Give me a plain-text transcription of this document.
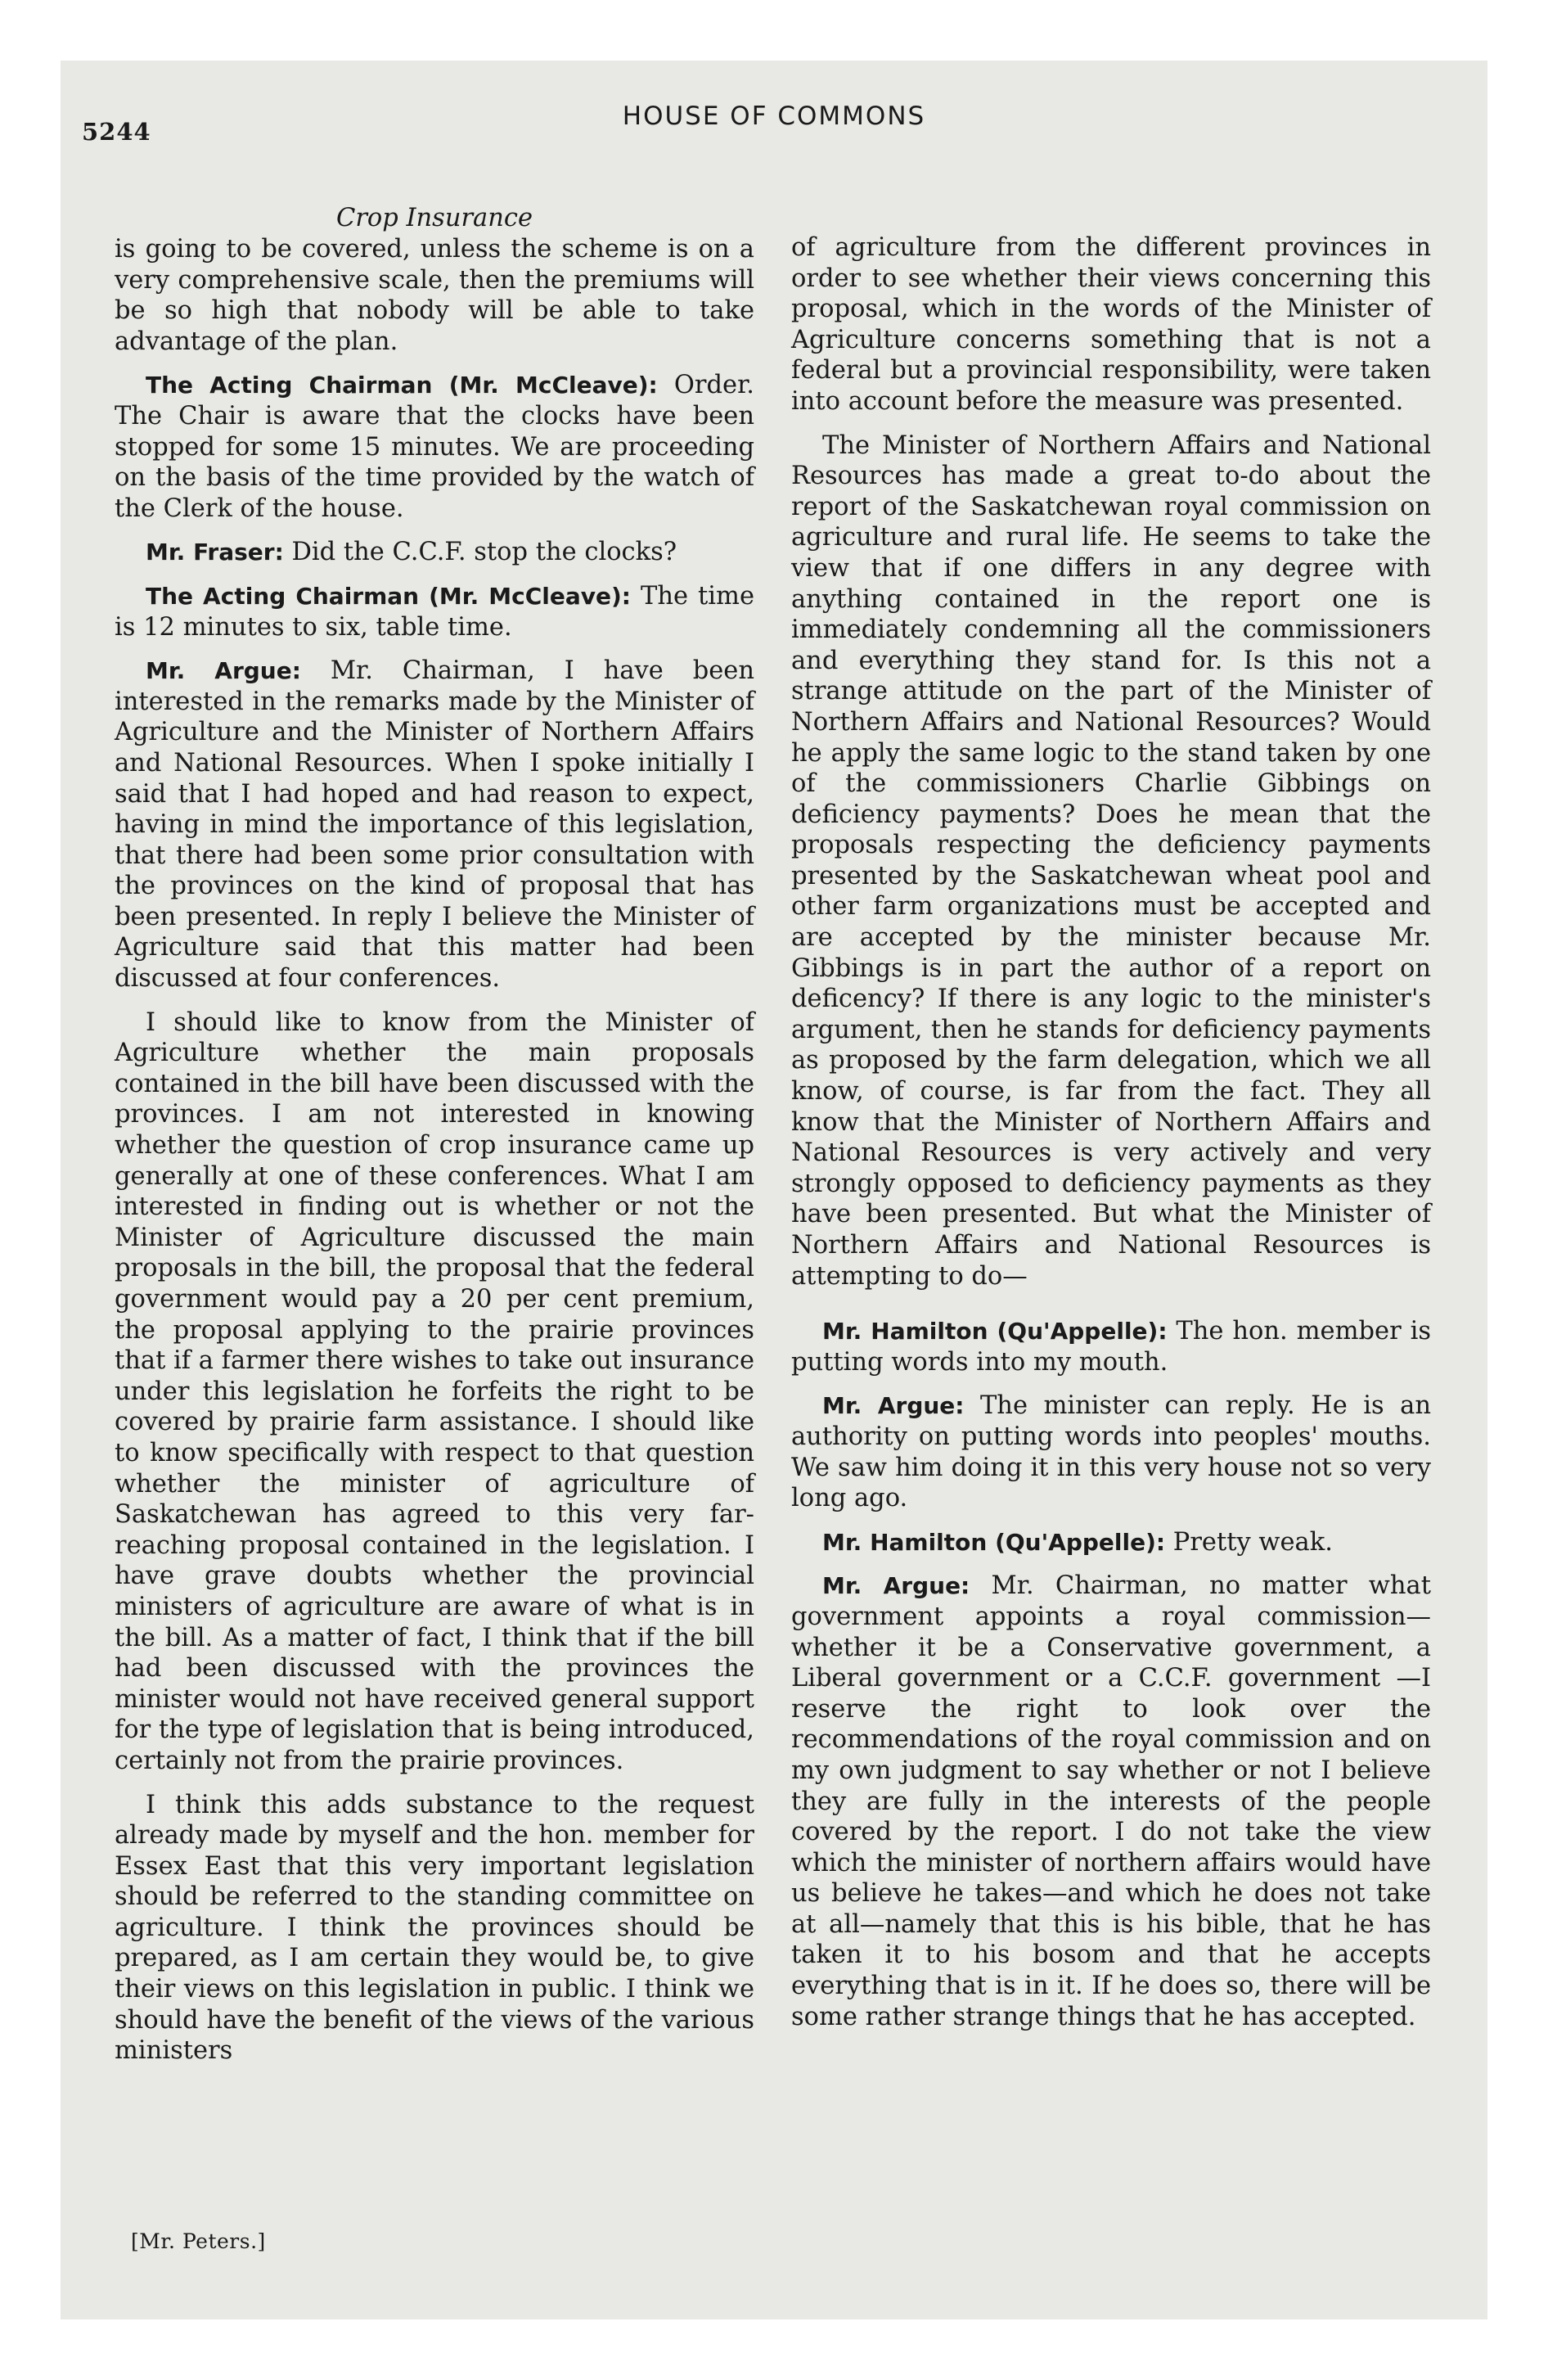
5244
HOUSE OF COMMONS
Crop Insurance

is going to be covered, unless the scheme is on a very comprehensive scale, then the premiums will be so high that nobody will be able to take advantage of the plan.

The Acting Chairman (Mr. McCleave): Order. The Chair is aware that the clocks have been stopped for some 15 minutes. We are proceeding on the basis of the time provided by the watch of the Clerk of the house.

Mr. Fraser: Did the C.C.F. stop the clocks?

The Acting Chairman (Mr. McCleave): The time is 12 minutes to six, table time.

Mr. Argue: Mr. Chairman, I have been interested in the remarks made by the Minister of Agriculture and the Minister of Northern Affairs and National Resources. When I spoke initially I said that I had hoped and had reason to expect, having in mind the importance of this legislation, that there had been some prior consultation with the provinces on the kind of proposal that has been presented. In reply I believe the Minister of Agriculture said that this matter had been discussed at four conferences.

I should like to know from the Minister of Agriculture whether the main proposals contained in the bill have been discussed with the provinces. I am not interested in knowing whether the question of crop insurance came up generally at one of these conferences. What I am interested in finding out is whether or not the Minister of Agriculture discussed the main proposals in the bill, the proposal that the federal government would pay a 20 per cent premium, the proposal applying to the prairie provinces that if a farmer there wishes to take out insurance under this legislation he forfeits the right to be covered by prairie farm assistance. I should like to know specifically with respect to that question whether the minister of agriculture of Saskatchewan has agreed to this very far-reaching proposal contained in the legislation. I have grave doubts whether the provincial ministers of agriculture are aware of what is in the bill. As a matter of fact, I think that if the bill had been discussed with the provinces the minister would not have received general support for the type of legislation that is being introduced, certainly not from the prairie provinces.

I think this adds substance to the request already made by myself and the hon. member for Essex East that this very important legislation should be referred to the standing committee on agriculture. I think the provinces should be prepared, as I am certain they would be, to give their views on this legislation in public. I think we should have the benefit of the views of the various ministers

of agriculture from the different provinces in order to see whether their views concerning this proposal, which in the words of the Minister of Agriculture concerns something that is not a federal but a provincial responsibility, were taken into account before the measure was presented.

The Minister of Northern Affairs and National Resources has made a great to-do about the report of the Saskatchewan royal commission on agriculture and rural life. He seems to take the view that if one differs in any degree with anything contained in the report one is immediately condemning all the commissioners and everything they stand for. Is this not a strange attitude on the part of the Minister of Northern Affairs and National Resources? Would he apply the same logic to the stand taken by one of the commissioners Charlie Gibbings on deficiency payments? Does he mean that the proposals respecting the deficiency payments presented by the Saskatchewan wheat pool and other farm organizations must be accepted and are accepted by the minister because Mr. Gibbings is in part the author of a report on deficency? If there is any logic to the minister's argument, then he stands for deficiency payments as proposed by the farm delegation, which we all know, of course, is far from the fact. They all know that the Minister of Northern Affairs and National Resources is very actively and very strongly opposed to deficiency payments as they have been presented. But what the Minister of Northern Affairs and National Resources is attempting to do—

Mr. Hamilton (Qu'Appelle): The hon. member is putting words into my mouth.

Mr. Argue: The minister can reply. He is an authority on putting words into peoples' mouths. We saw him doing it in this very house not so very long ago.

Mr. Hamilton (Qu'Appelle): Pretty weak.

Mr. Argue: Mr. Chairman, no matter what government appoints a royal commission—whether it be a Conservative government, a Liberal government or a C.C.F. government —I reserve the right to look over the recommendations of the royal commission and on my own judgment to say whether or not I believe they are fully in the interests of the people covered by the report. I do not take the view which the minister of northern affairs would have us believe he takes—and which he does not take at all—namely that this is his bible, that he has taken it to his bosom and that he accepts everything that is in it. If he does so, there will be some rather strange things that he has accepted.

[Mr. Peters.]
